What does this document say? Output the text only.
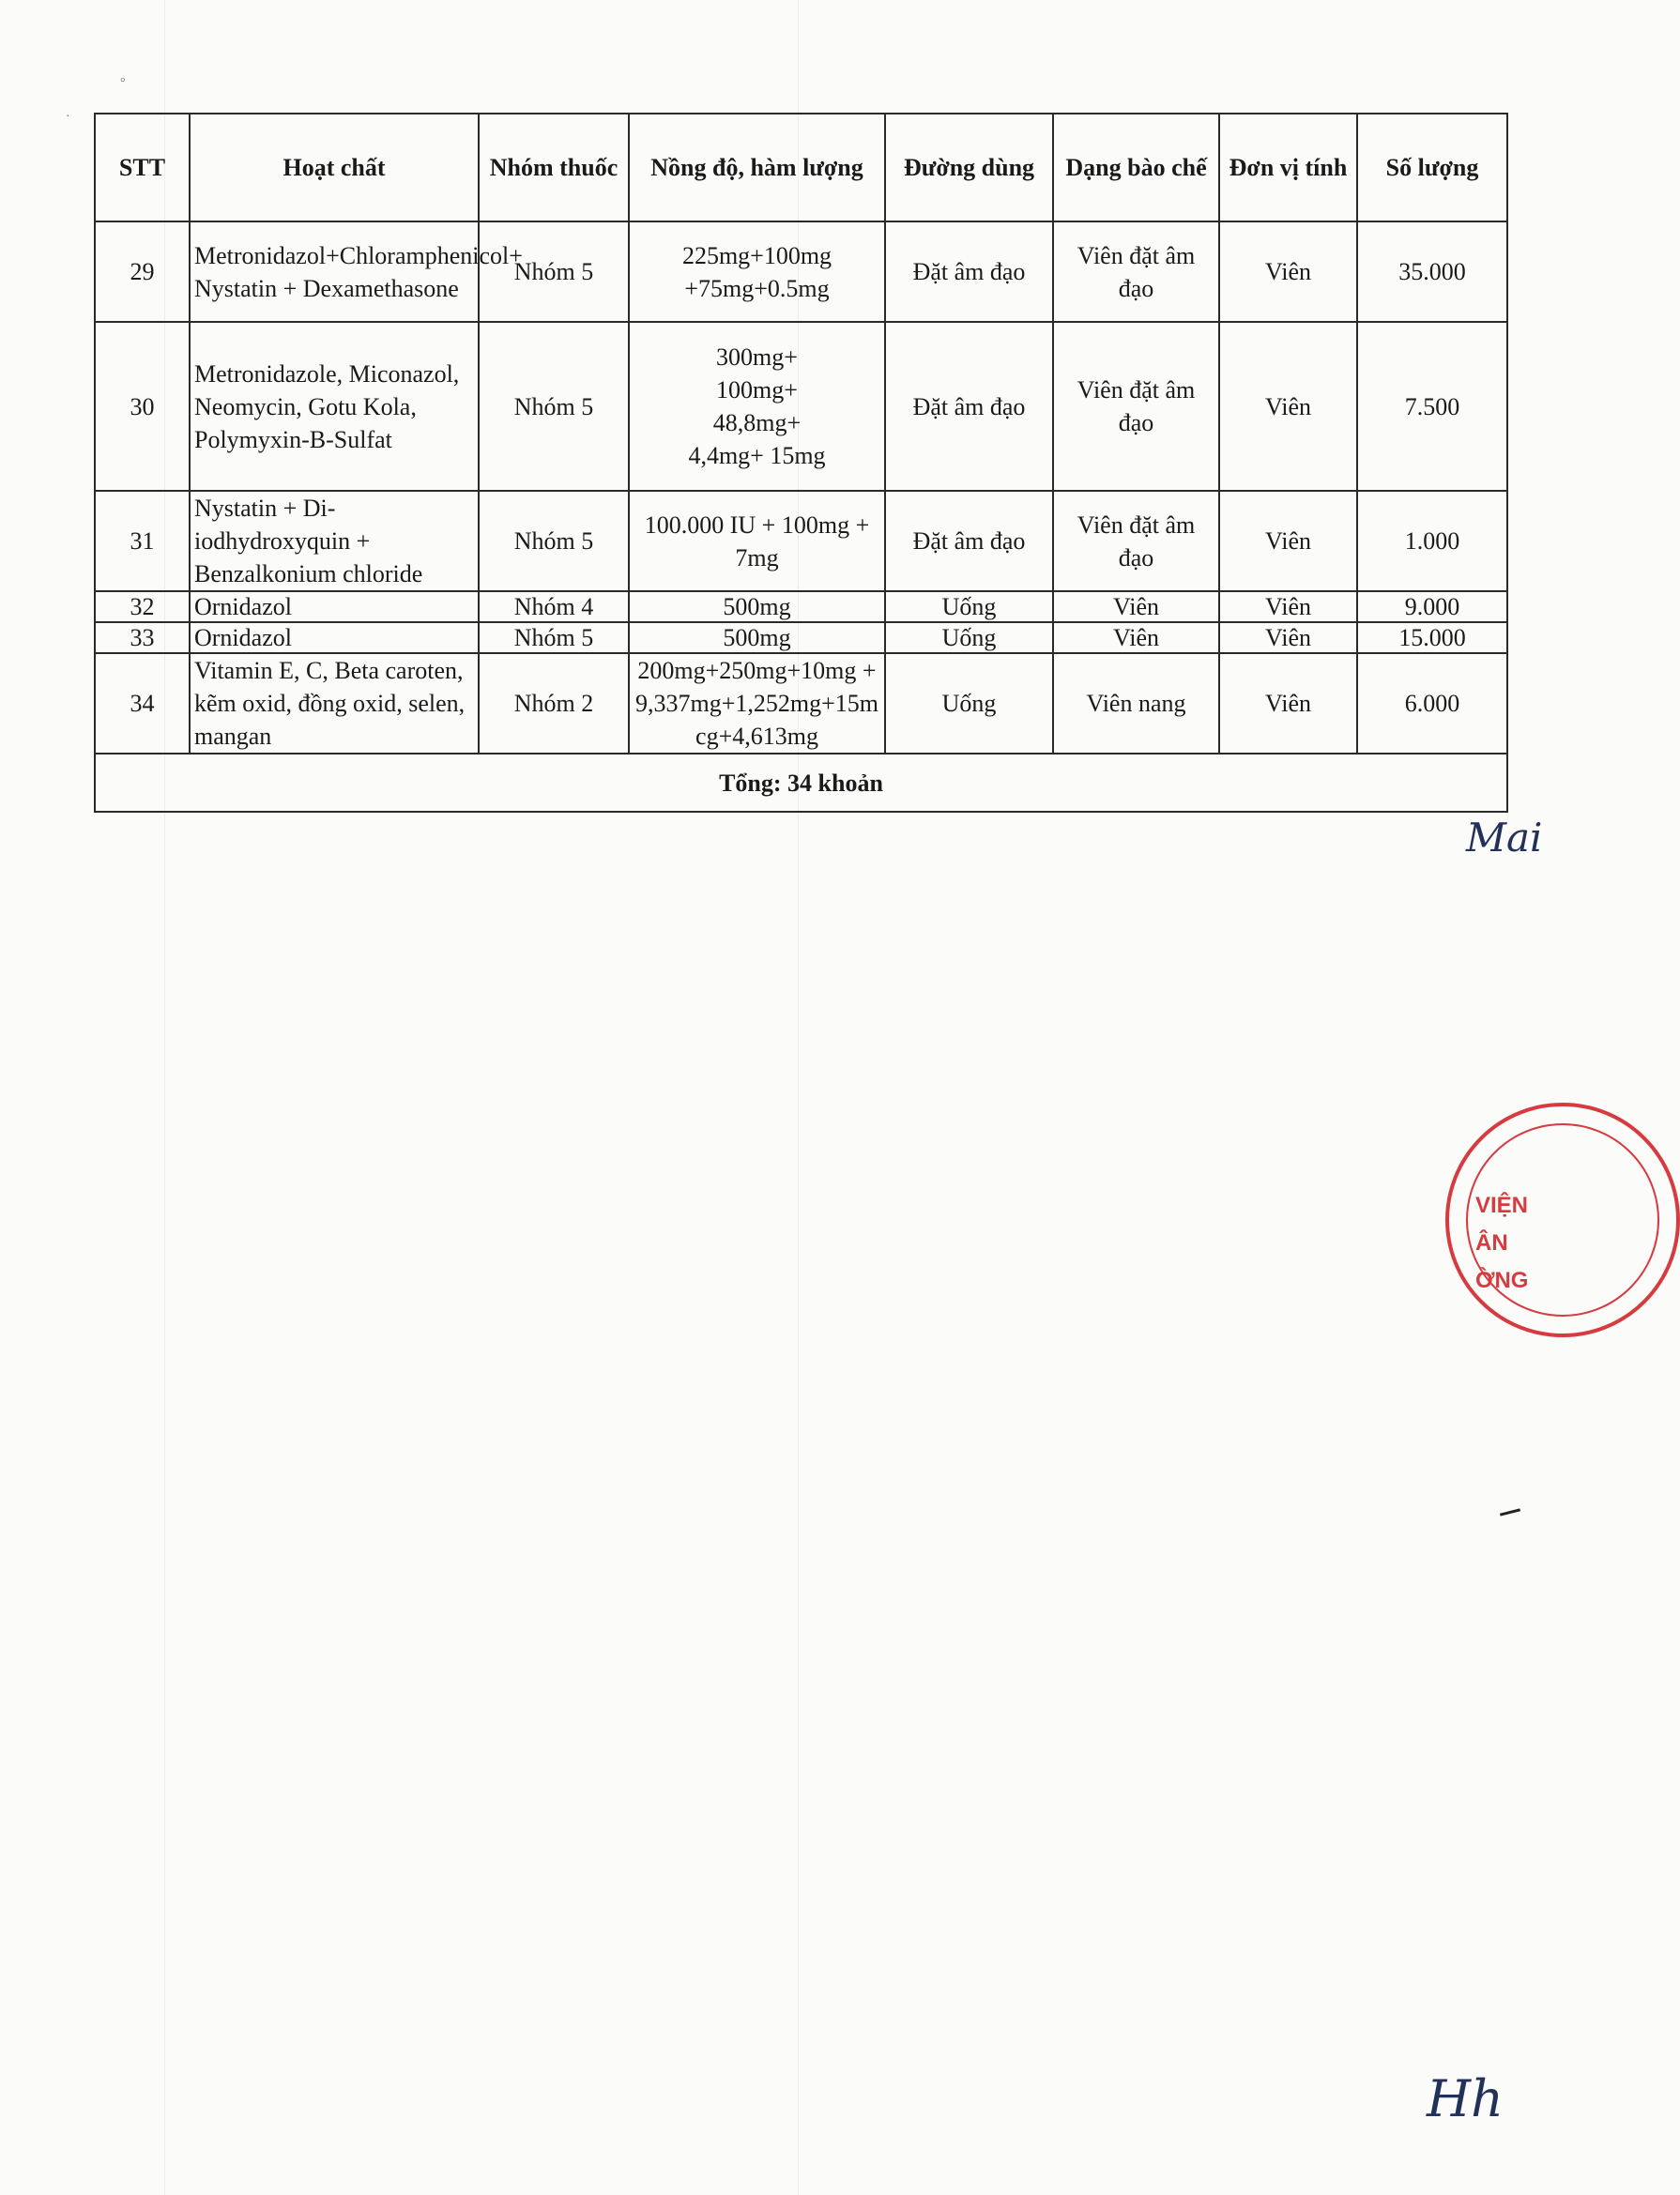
°
·
STT	Hoạt chất	Nhóm thuốc	Nồng độ, hàm lượng	Đường dùng	Dạng bào chế	Đơn vị tính	Số lượng
29	Metronidazol+Chloramphenicol+ Nystatin + Dexamethasone	Nhóm 5	225mg+100mg +75mg+0.5mg	Đặt âm đạo	Viên đặt âm đạo	Viên	35.000
30	Metronidazole, Miconazol, Neomycin, Gotu Kola, Polymyxin-B-Sulfat	Nhóm 5	300mg+ 100mg+ 48,8mg+ 4,4mg+ 15mg	Đặt âm đạo	Viên đặt âm đạo	Viên	7.500
31	Nystatin + Di-iodhydroxyquin + Benzalkonium chloride	Nhóm 5	100.000 IU + 100mg + 7mg	Đặt âm đạo	Viên đặt âm đạo	Viên	1.000
32	Ornidazol	Nhóm 4	500mg	Uống	Viên	Viên	9.000
33	Ornidazol	Nhóm 5	500mg	Uống	Viên	Viên	15.000
34	Vitamin E, C, Beta caroten, kẽm oxid, đồng oxid, selen, mangan	Nhóm 2	200mg+250mg+10mg +9,337mg+1,252mg+15mcg+4,613mg	Uống	Viên nang	Viên	6.000
Tổng: 34 khoản							
Mai
VIỆN
ÂN
ỜNG
Hh
